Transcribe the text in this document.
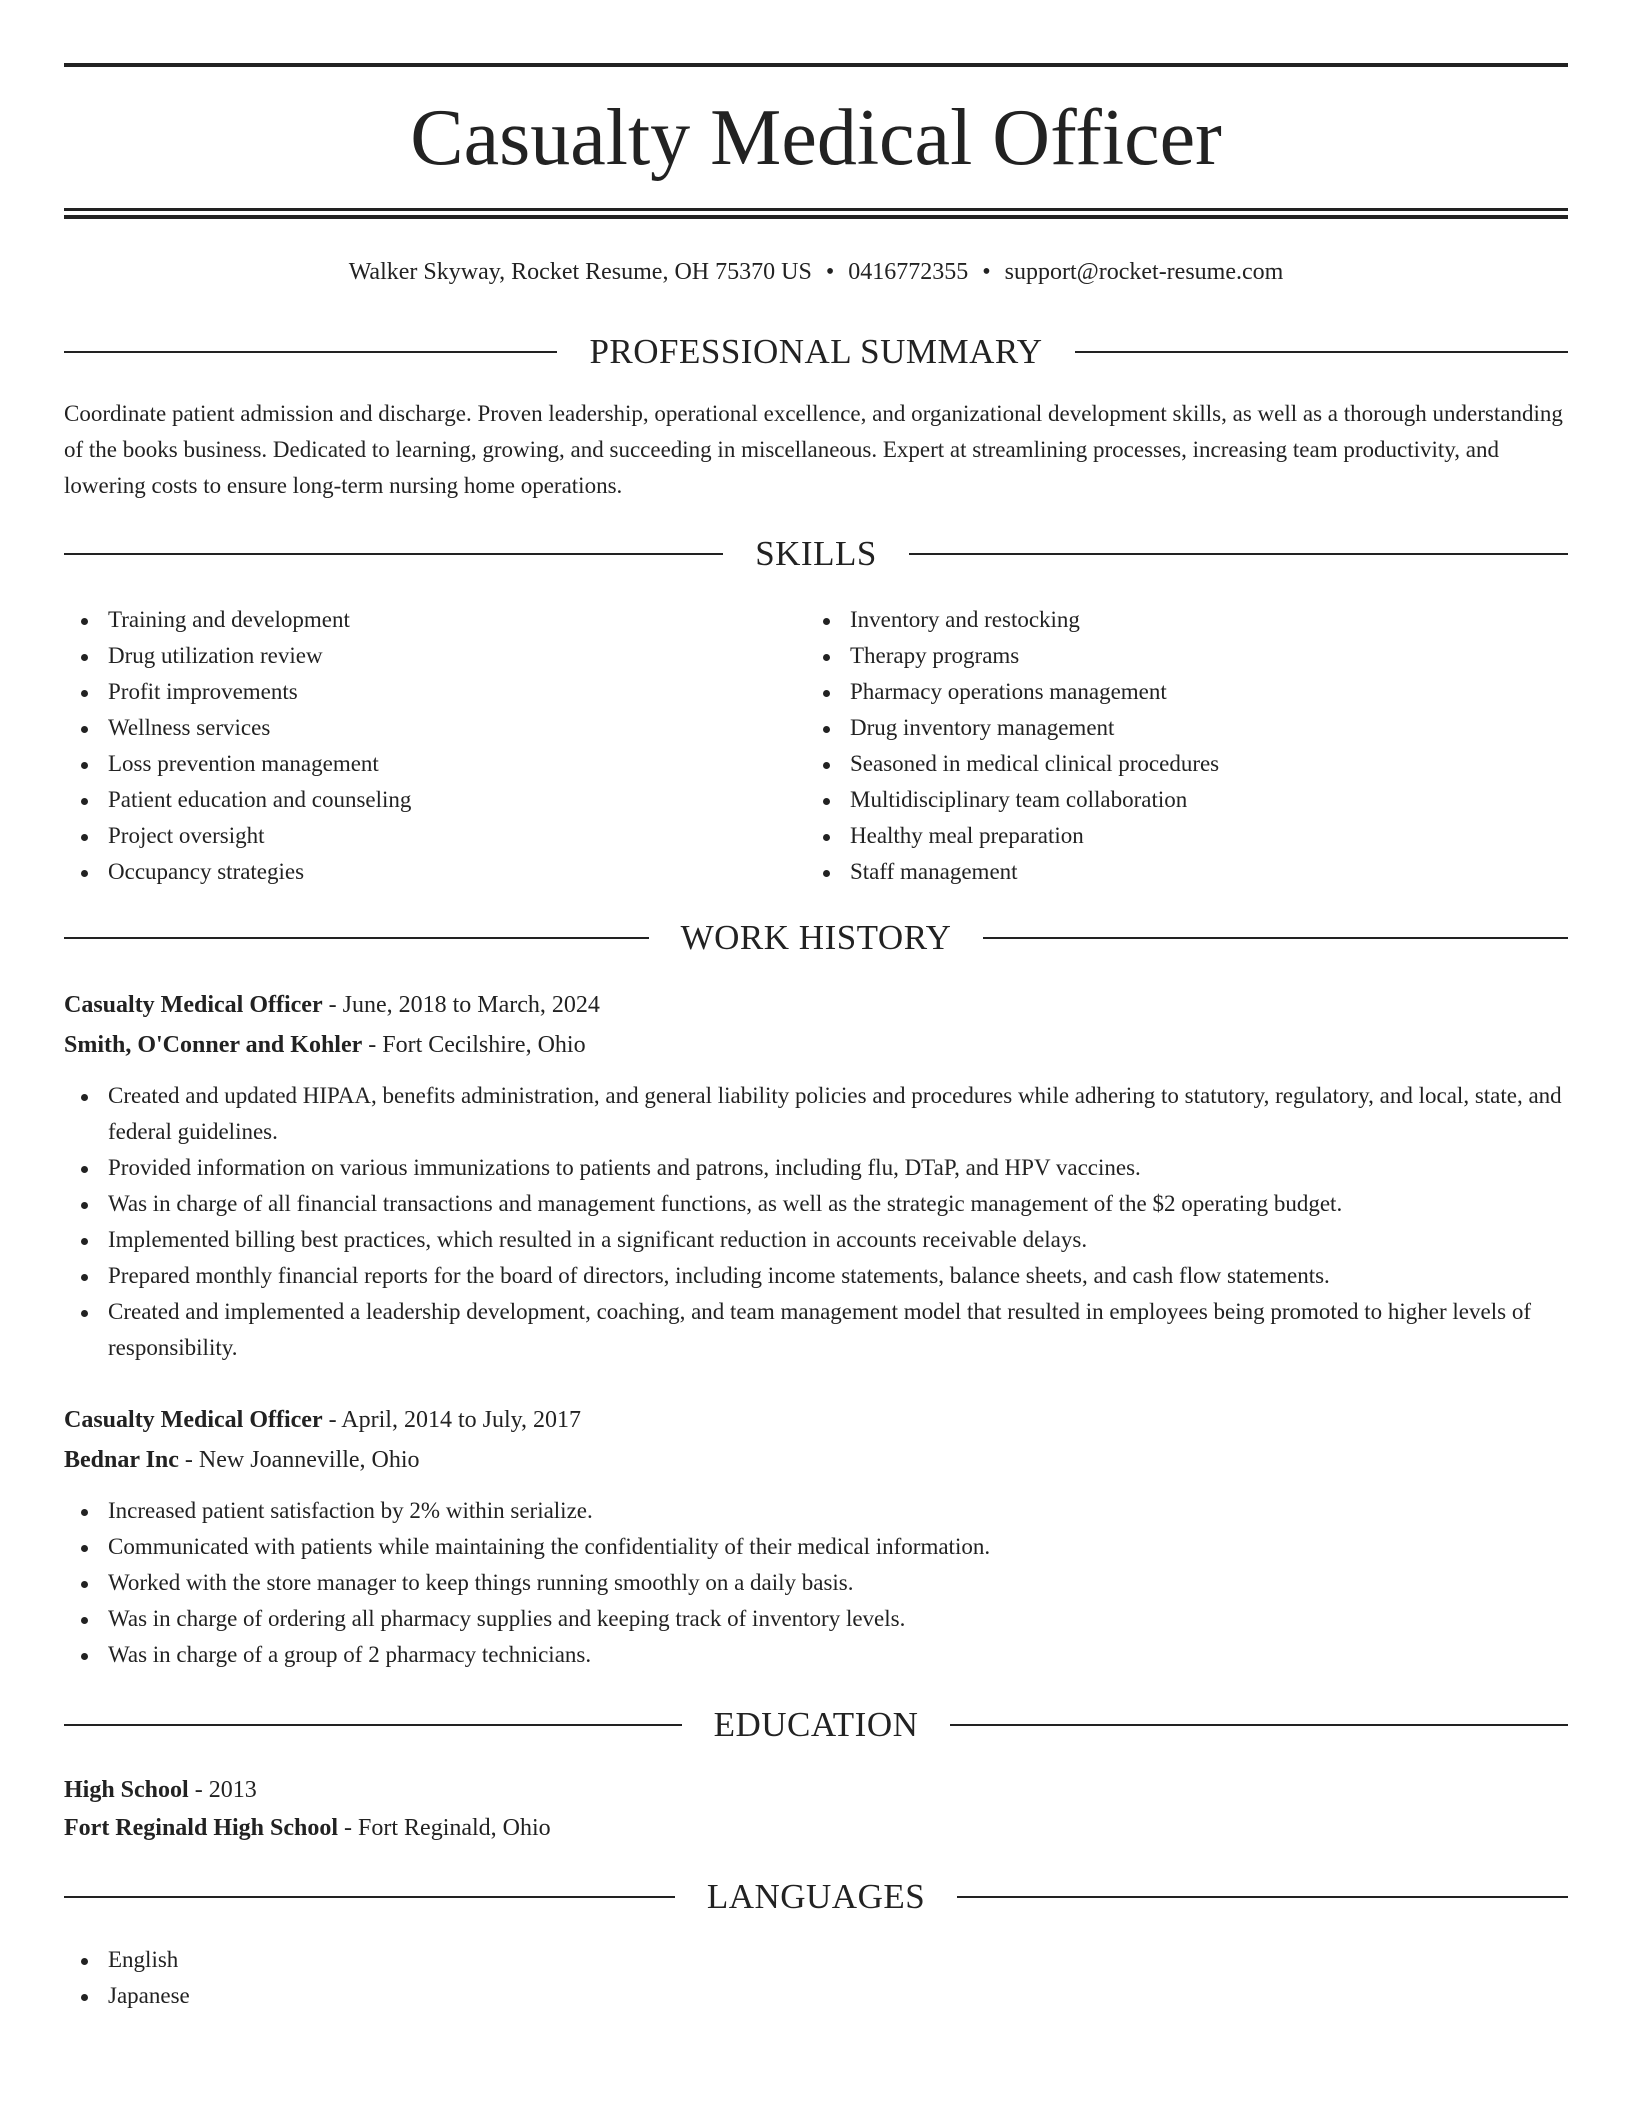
Casualty Medical Officer
Walker Skyway, Rocket Resume, OH 75370 US • 0416772355 • support@rocket-resume.com
PROFESSIONAL SUMMARY

Coordinate patient admission and discharge. Proven leadership, operational excellence, and organizational development skills, as well as a thorough understanding of the books business. Dedicated to learning, growing, and succeeding in miscellaneous. Expert at streamlining processes, increasing team productivity, and lowering costs to ensure long-term nursing home operations.

SKILLS
Training and development
Drug utilization review
Profit improvements
Wellness services
Loss prevention management
Patient education and counseling
Project oversight
Occupancy strategies
Inventory and restocking
Therapy programs
Pharmacy operations management
Drug inventory management
Seasoned in medical clinical procedures
Multidisciplinary team collaboration
Healthy meal preparation
Staff management
WORK HISTORY
Casualty Medical Officer - June, 2018 to March, 2024
Smith, O'Conner and Kohler - Fort Cecilshire, Ohio
Created and updated HIPAA, benefits administration, and general liability policies and procedures while adhering to statutory, regulatory, and local, state, and federal guidelines.
Provided information on various immunizations to patients and patrons, including flu, DTaP, and HPV vaccines.
Was in charge of all financial transactions and management functions, as well as the strategic management of the $2 operating budget.
Implemented billing best practices, which resulted in a significant reduction in accounts receivable delays.
Prepared monthly financial reports for the board of directors, including income statements, balance sheets, and cash flow statements.
Created and implemented a leadership development, coaching, and team management model that resulted in employees being promoted to higher levels of responsibility.
Casualty Medical Officer - April, 2014 to July, 2017
Bednar Inc - New Joanneville, Ohio
Increased patient satisfaction by 2% within serialize.
Communicated with patients while maintaining the confidentiality of their medical information.
Worked with the store manager to keep things running smoothly on a daily basis.
Was in charge of ordering all pharmacy supplies and keeping track of inventory levels.
Was in charge of a group of 2 pharmacy technicians.
EDUCATION
High School - 2013
Fort Reginald High School - Fort Reginald, Ohio
LANGUAGES
English
Japanese
